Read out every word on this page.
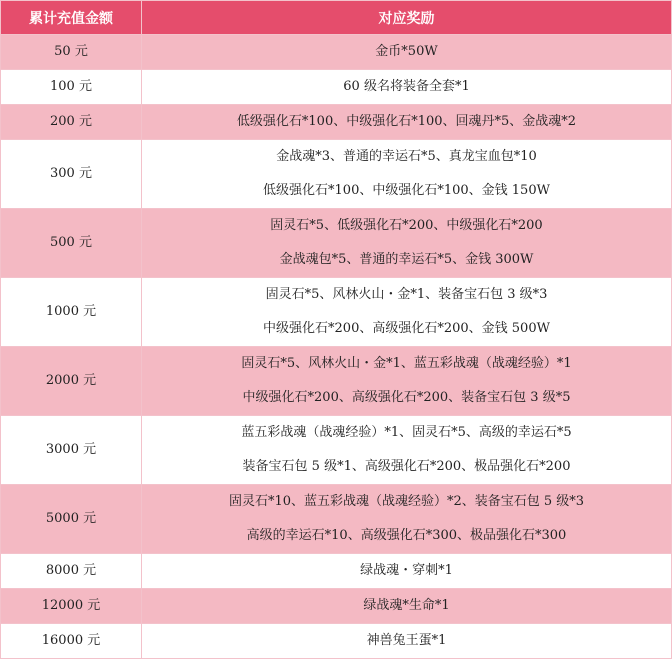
累计充值金额	对应奖励
50 元	金币*50W

100 元	60 级名将装备全套*1

200 元	低级强化石*100、中级强化石*100、回魂丹*5、金战魂*2

300 元	金战魂*3、普通的幸运石*5、真龙宝血包*10
低级强化石*100、中级强化石*100、金钱 150W

500 元	固灵石*5、低级强化石*200、中级强化石*200
金战魂包*5、普通的幸运石*5、金钱 300W

1000 元	固灵石*5、风林火山・金*1、装备宝石包 3 级*3
中级强化石*200、高级强化石*200、金钱 500W

2000 元	固灵石*5、风林火山・金*1、蓝五彩战魂（战魂经验）*1
中级强化石*200、高级强化石*200、装备宝石包 3 级*5

3000 元	蓝五彩战魂（战魂经验）*1、固灵石*5、高级的幸运石*5
装备宝石包 5 级*1、高级强化石*200、极品强化石*200

5000 元	固灵石*10、蓝五彩战魂（战魂经验）*2、装备宝石包 5 级*3
高级的幸运石*10、高级强化石*300、极品强化石*300

8000 元	绿战魂・穿刺*1

12000 元	绿战魂*生命*1

16000 元	神兽兔王蛋*1
